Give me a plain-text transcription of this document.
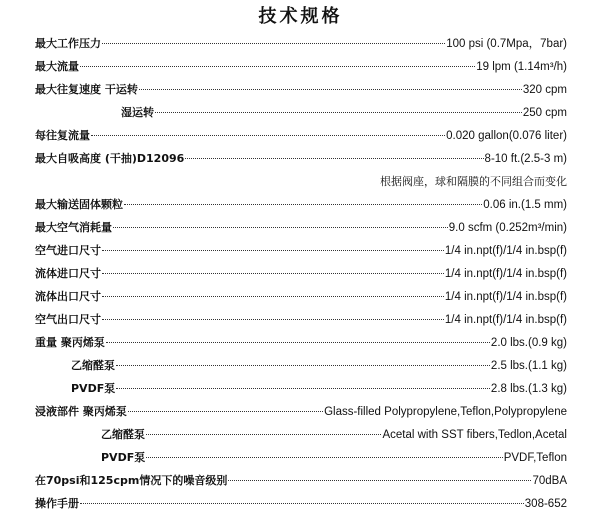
技术规格
最大工作压力	100 psi (0.7Mpa，7bar)
最大流量	19 lpm (1.14m³/h)
最大往复速度 干运转	320 cpm
湿运转	250 cpm
每往复流量	0.020 gallon(0.076 liter)
最大自吸高度 (干抽)D12096	8-10 ft.(2.5-3 m)
根据阀座，球和隔膜的不同组合而变化
最大输送固体颗粒	0.06 in.(1.5 mm)
最大空气消耗量	9.0 scfm (0.252m³/min)
空气进口尺寸	1/4 in.npt(f)/1/4 in.bsp(f)
流体进口尺寸	1/4 in.npt(f)/1/4 in.bsp(f)
流体出口尺寸	1/4 in.npt(f)/1/4 in.bsp(f)
空气出口尺寸	1/4 in.npt(f)/1/4 in.bsp(f)
重量 聚丙烯泵	2.0 lbs.(0.9 kg)
乙缩醛泵	2.5 lbs.(1.1 kg)
PVDF泵	2.8 lbs.(1.3 kg)
浸液部件 聚丙烯泵	Glass-filled Polypropylene,Teflon,Polypropylene
乙缩醛泵	Acetal with SST fibers,Tedlon,Acetal
PVDF泵	PVDF,Teflon
在70psi和125cpm情况下的噪音级别	70dBA
操作手册	308-652
